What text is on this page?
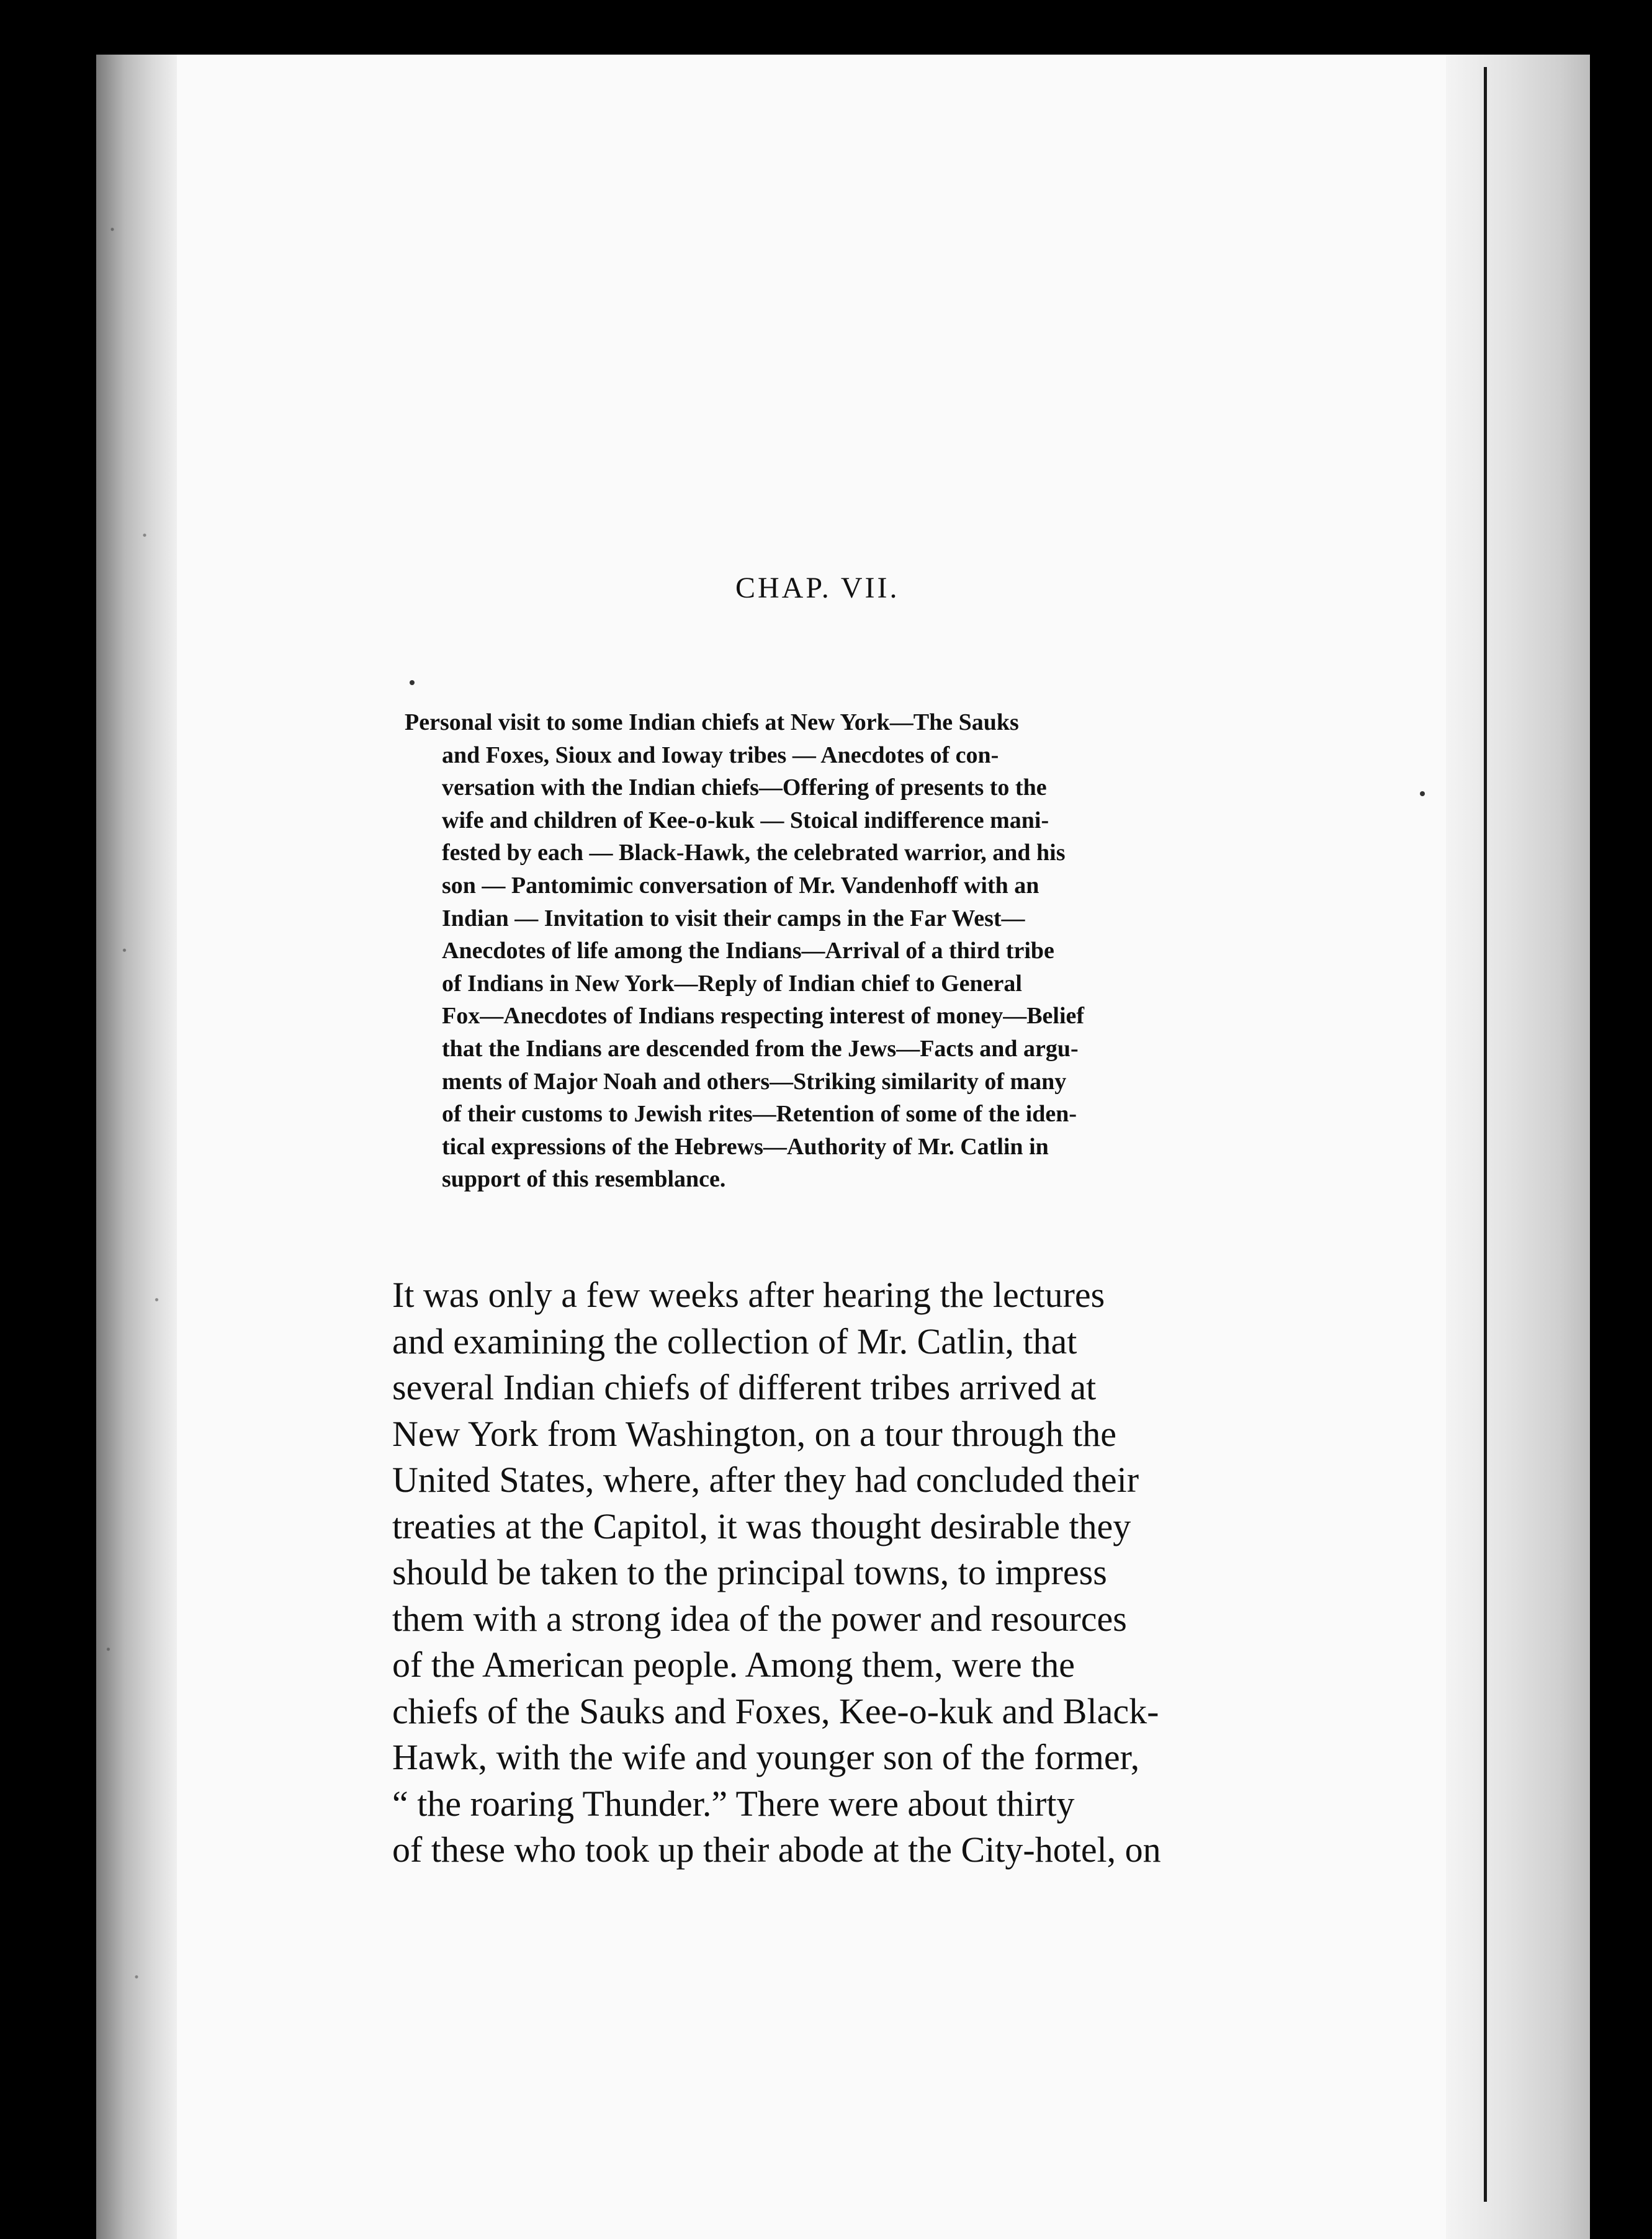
CHAP. VII.
Personal visit to some Indian chiefs at New York—The Sauks
and Foxes, Sioux and Ioway tribes — Anecdotes of con-
versation with the Indian chiefs—Offering of presents to the
wife and children of Kee-o-kuk — Stoical indifference mani-
fested by each — Black-Hawk, the celebrated warrior, and his
son — Pantomimic conversation of Mr. Vandenhoff with an
Indian — Invitation to visit their camps in the Far West—
Anecdotes of life among the Indians—Arrival of a third tribe
of Indians in New York—Reply of Indian chief to General
Fox—Anecdotes of Indians respecting interest of money—Belief
that the Indians are descended from the Jews—Facts and argu-
ments of Major Noah and others—Striking similarity of many
of their customs to Jewish rites—Retention of some of the iden-
tical expressions of the Hebrews—Authority of Mr. Catlin in
support of this resemblance.
It was only a few weeks after hearing the lectures
and examining the collection of Mr. Catlin, that
several Indian chiefs of different tribes arrived at
New York from Washington, on a tour through the
United States, where, after they had concluded their
treaties at the Capitol, it was thought desirable they
should be taken to the principal towns, to impress
them with a strong idea of the power and resources
of the American people. Among them, were the
chiefs of the Sauks and Foxes, Kee-o-kuk and Black-
Hawk, with the wife and younger son of the former,
“ the roaring Thunder.” There were about thirty
of these who took up their abode at the City-hotel, on
